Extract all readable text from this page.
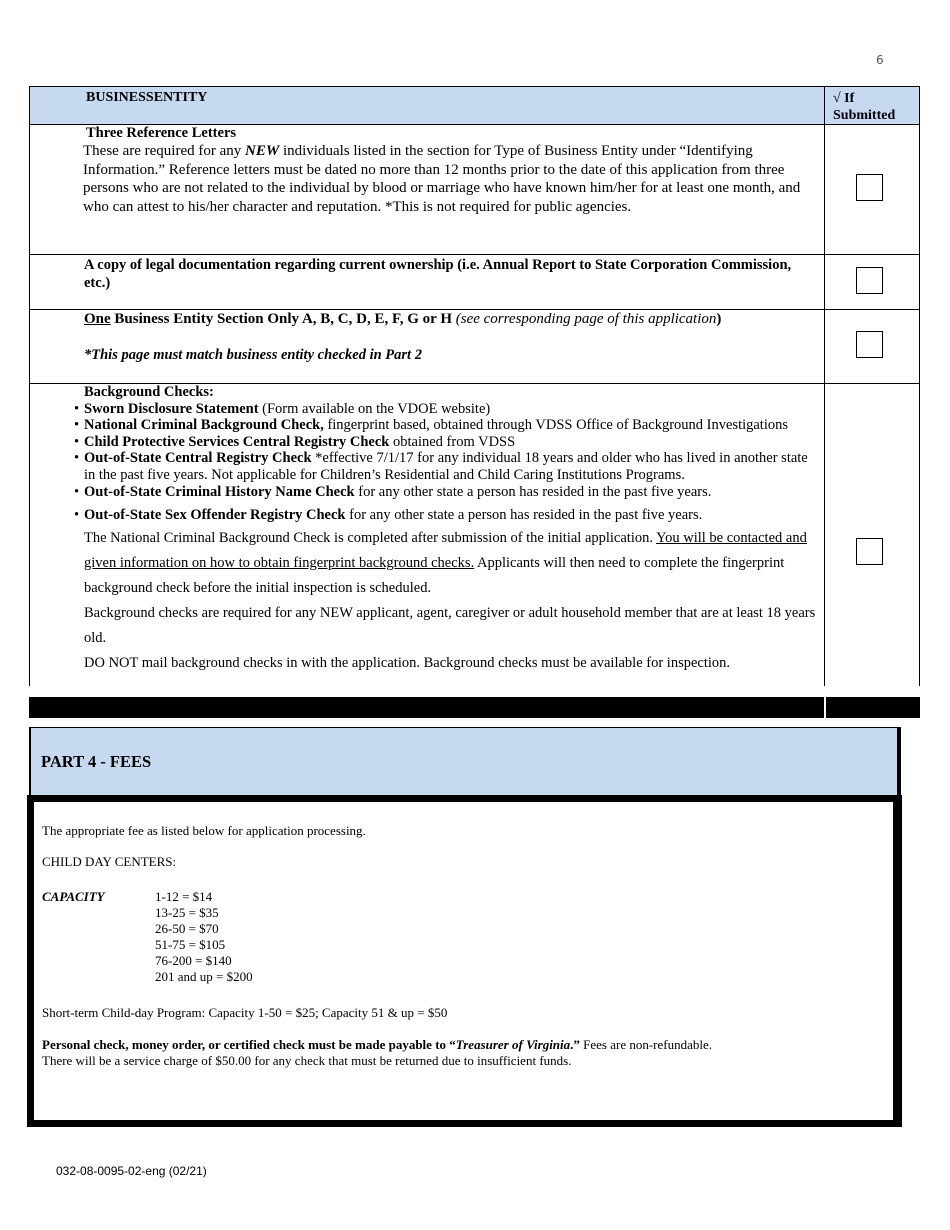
6
BUSINESSENTITY	√ If
Submitted
Three Reference Letters
These are required for any NEW individuals listed in the section for Type of Business Entity under “Identifying Information.” Reference letters must be dated no more than 12 months prior to the date of this application from three persons who are not related to the individual by blood or marriage who have known him/her for at least one month, and who can attest to his/her character and reputation. *This is not required for public agencies.
A copy of legal documentation regarding current ownership (i.e. Annual Report to State Corporation Commission, etc.)
One Business Entity Section Only A, B, C, D, E, F, G or H (see corresponding page of this application)
*This page must match business entity checked in Part 2
Background Checks:
• Sworn Disclosure Statement (Form available on the VDOE website)
• National Criminal Background Check, fingerprint based, obtained through VDSS Office of Background Investigations
• Child Protective Services Central Registry Check obtained from VDSS
• Out-of-State Central Registry Check *effective 7/1/17 for any individual 18 years and older who has lived in another state in the past five years. Not applicable for Children’s Residential and Child Caring Institutions Programs.
• Out-of-State Criminal History Name Check for any other state a person has resided in the past five years.
• Out-of-State Sex Offender Registry Check for any other state a person has resided in the past five years.
The National Criminal Background Check is completed after submission of the initial application. You will be contacted and given information on how to obtain fingerprint background checks. Applicants will then need to complete the fingerprint background check before the initial inspection is scheduled.
Background checks are required for any NEW applicant, agent, caregiver or adult household member that are at least 18 years old.
DO NOT mail background checks in with the application. Background checks must be available for inspection.
PART 4 - FEES
The appropriate fee as listed below for application processing.
CHILD DAY CENTERS:
CAPACITY	1-12 = $14
13-25 = $35
26-50 = $70
51-75 = $105
76-200 = $140
201 and up = $200
Short-term Child-day Program: Capacity 1-50 = $25; Capacity 51 & up = $50
Personal check, money order, or certified check must be made payable to “Treasurer of Virginia.” Fees are non-refundable.
There will be a service charge of $50.00 for any check that must be returned due to insufficient funds.
032-08-0095-02-eng (02/21)
